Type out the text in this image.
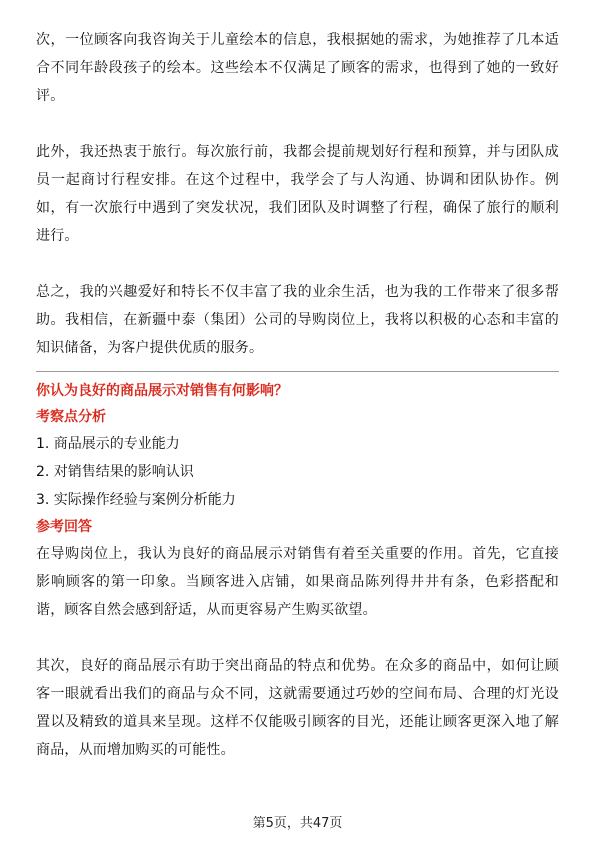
次，一位顾客向我咨询关于儿童绘本的信息，我根据她的需求，为她推荐了几本适合不同年龄段孩子的绘本。这些绘本不仅满足了顾客的需求，也得到了她的一致好评。

此外，我还热衷于旅行。每次旅行前，我都会提前规划好行程和预算，并与团队成员一起商讨行程安排。在这个过程中，我学会了与人沟通、协调和团队协作。例如，有一次旅行中遇到了突发状况，我们团队及时调整了行程，确保了旅行的顺利进行。

总之，我的兴趣爱好和特长不仅丰富了我的业余生活，也为我的工作带来了很多帮助。我相信，在新疆中泰（集团）公司的导购岗位上，我将以积极的心态和丰富的知识储备，为客户提供优质的服务。

你认为良好的商品展示对销售有何影响？

考察点分析

1. 商品展示的专业能力

2. 对销售结果的影响认识

3. 实际操作经验与案例分析能力

参考回答

在导购岗位上，我认为良好的商品展示对销售有着至关重要的作用。首先，它直接影响顾客的第一印象。当顾客进入店铺，如果商品陈列得井井有条，色彩搭配和谐，顾客自然会感到舒适，从而更容易产生购买欲望。

其次，良好的商品展示有助于突出商品的特点和优势。在众多的商品中，如何让顾客一眼就看出我们的商品与众不同，这就需要通过巧妙的空间布局、合理的灯光设置以及精致的道具来呈现。这样不仅能吸引顾客的目光，还能让顾客更深入地了解商品，从而增加购买的可能性。

第5页，共47页
